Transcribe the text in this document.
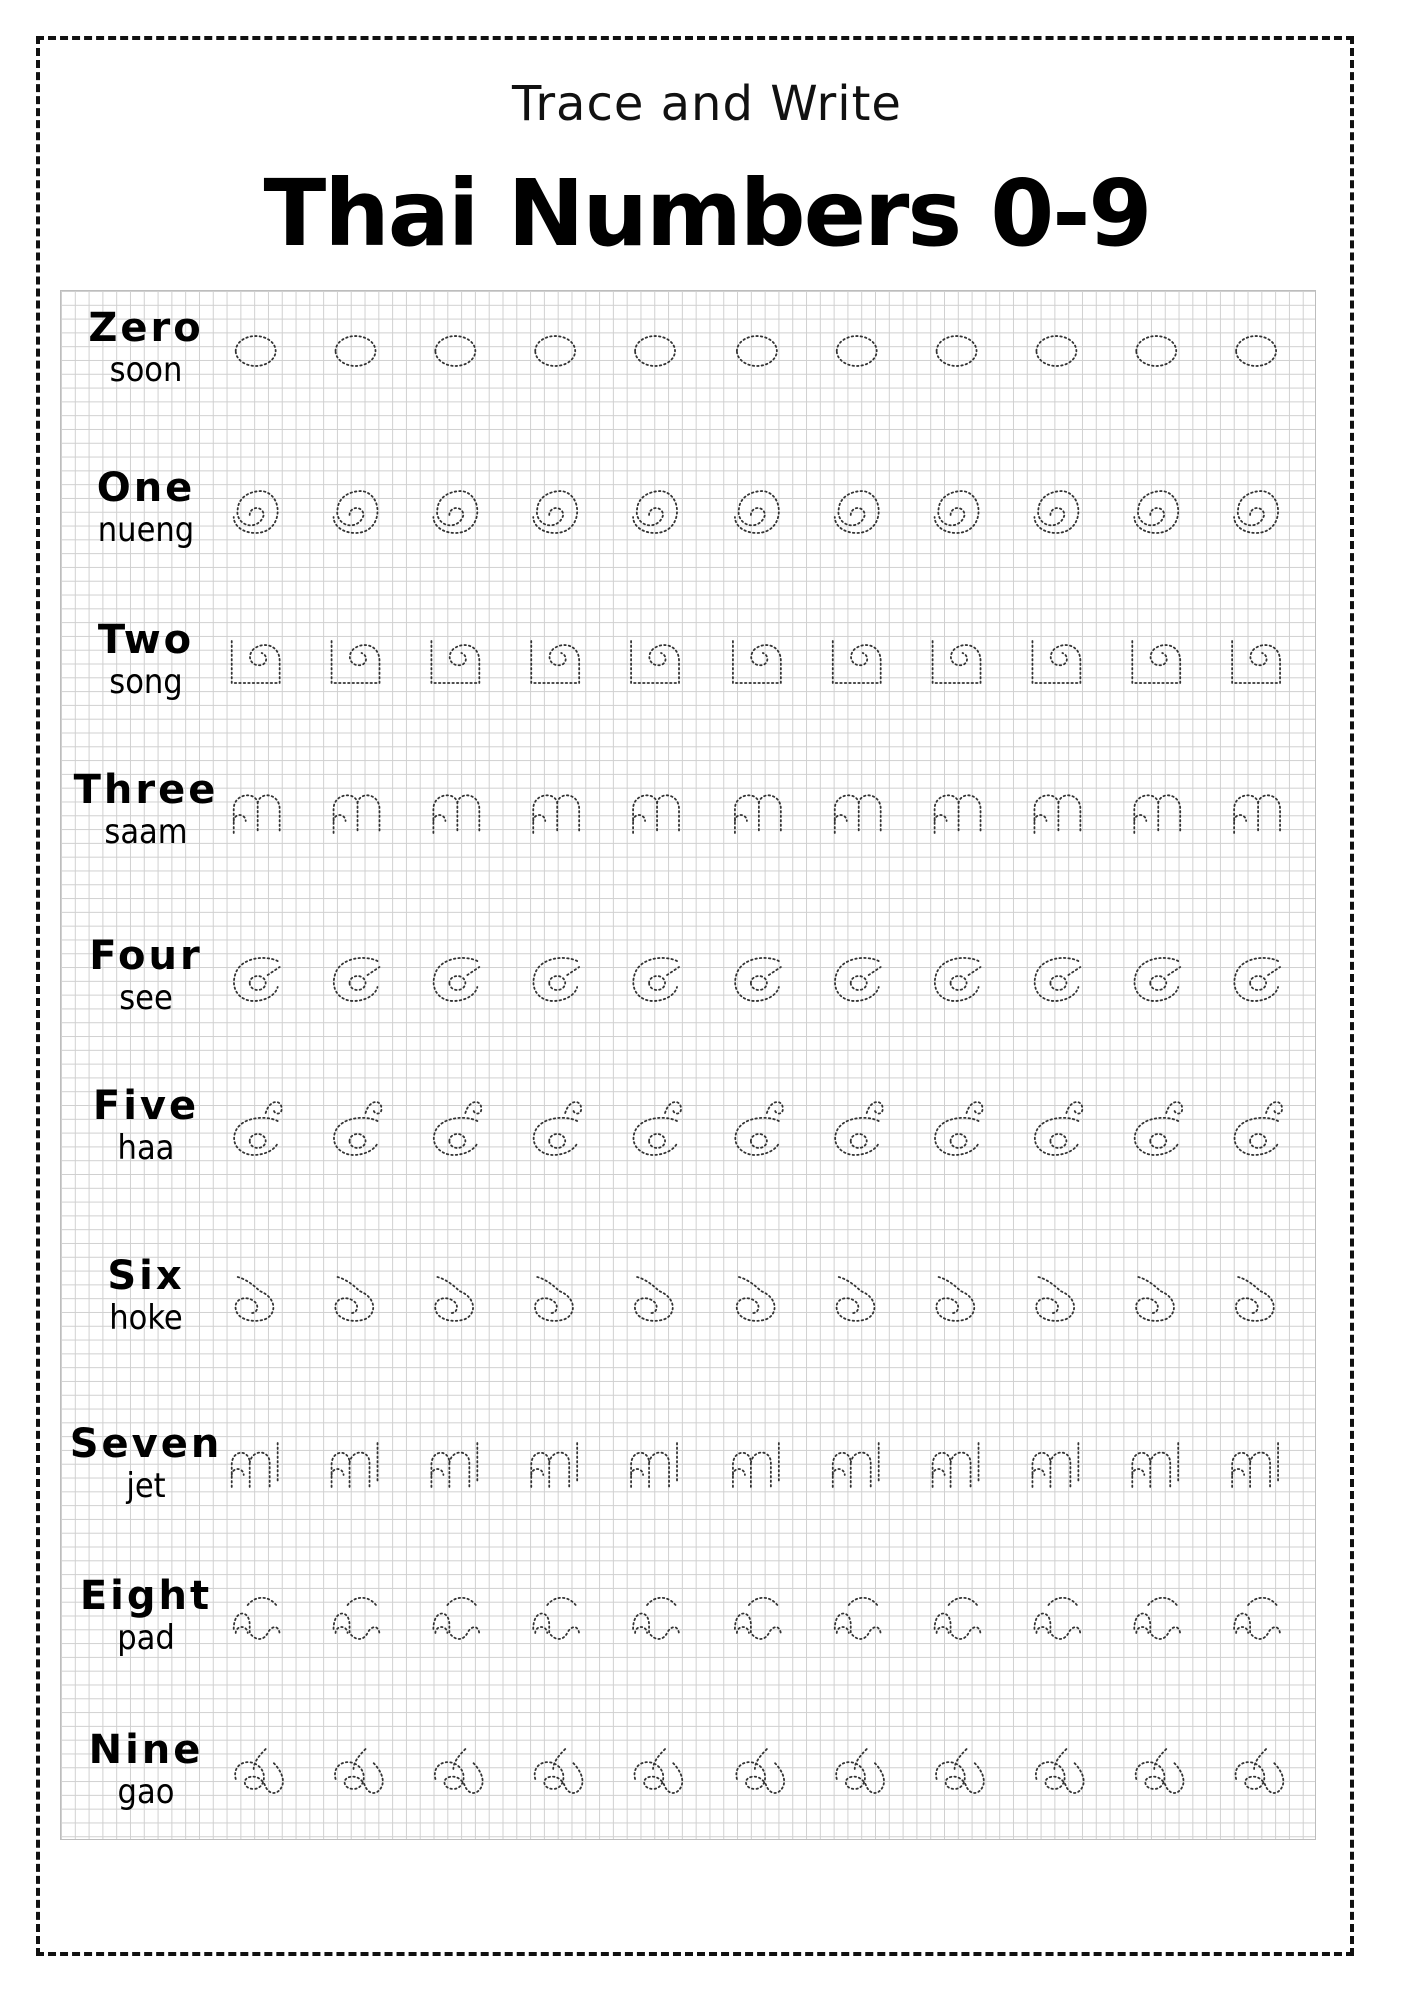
Trace and Write
Thai Numbers 0-9
Zero
soon
One
nueng
Two
song
Three
saam
Four
see
Five
haa
Six
hoke
Seven
jet
Eight
pad
Nine
gao
